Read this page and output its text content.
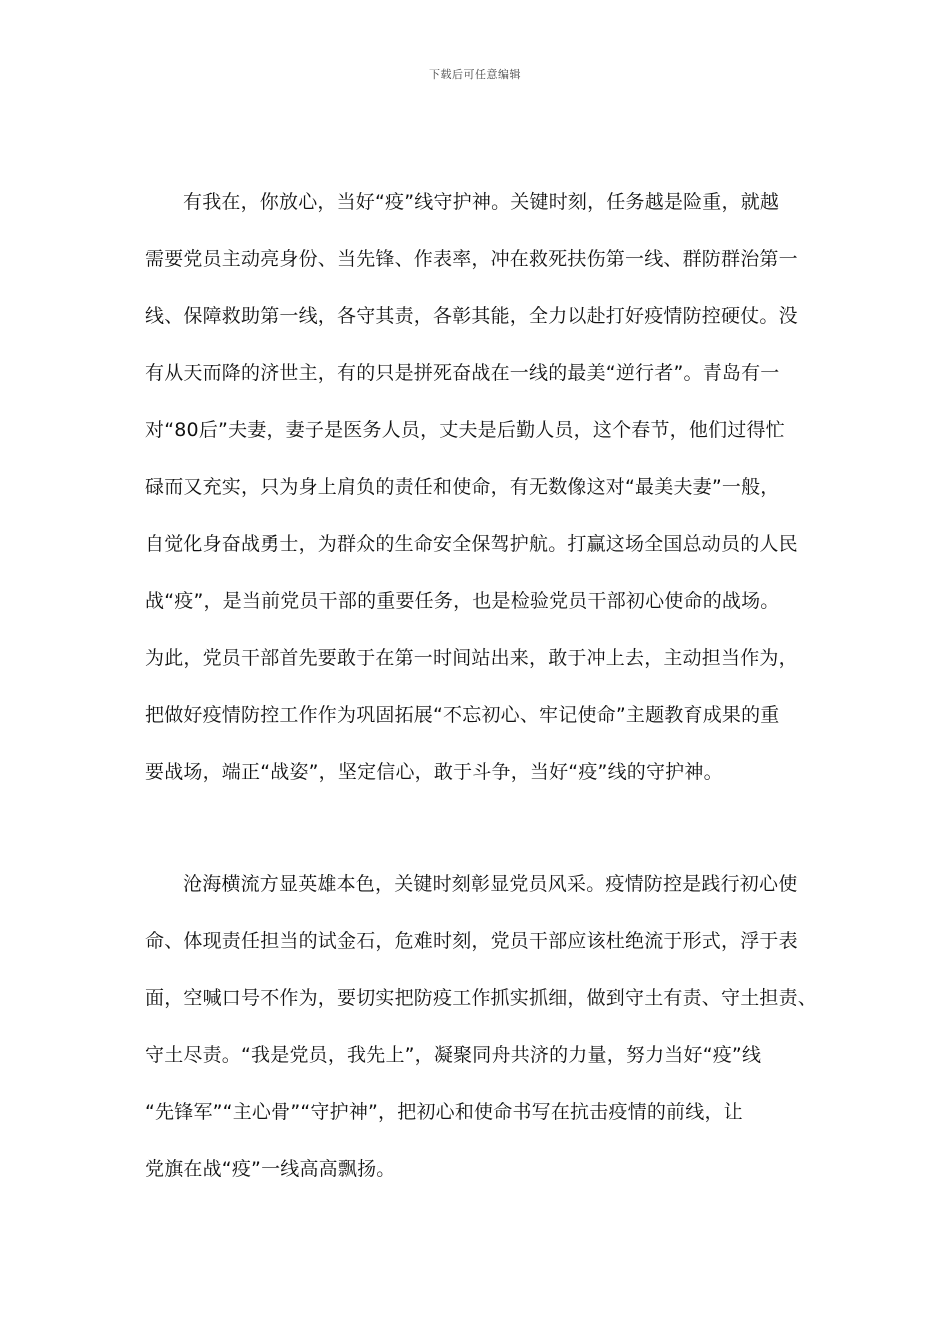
下载后可任意编辑
有我在，你放心，当好“疫”线守护神。关键时刻，任务越是险重，就越
需要党员主动亮身份、当先锋、作表率，冲在救死扶伤第一线、群防群治第一
线、保障救助第一线，各守其责，各彰其能，全力以赴打好疫情防控硬仗。没
有从天而降的济世主，有的只是拼死奋战在一线的最美“逆行者”。青岛有一
对“80后”夫妻，妻子是医务人员，丈夫是后勤人员，这个春节，他们过得忙
碌而又充实，只为身上肩负的责任和使命，有无数像这对“最美夫妻”一般，
自觉化身奋战勇士，为群众的生命安全保驾护航。打赢这场全国总动员的人民
战“疫”，是当前党员干部的重要任务，也是检验党员干部初心使命的战场。
为此，党员干部首先要敢于在第一时间站出来，敢于冲上去，主动担当作为，
把做好疫情防控工作作为巩固拓展“不忘初心、牢记使命”主题教育成果的重
要战场，端正“战姿”，坚定信心，敢于斗争，当好“疫”线的守护神。
沧海横流方显英雄本色，关键时刻彰显党员风采。疫情防控是践行初心使
命、体现责任担当的试金石，危难时刻，党员干部应该杜绝流于形式，浮于表
面，空喊口号不作为，要切实把防疫工作抓实抓细，做到守土有责、守土担责、
守土尽责。“我是党员，我先上”，凝聚同舟共济的力量，努力当好“疫”线
“先锋军”“主心骨”“守护神”，把初心和使命书写在抗击疫情的前线，让
党旗在战“疫”一线高高飘扬。
